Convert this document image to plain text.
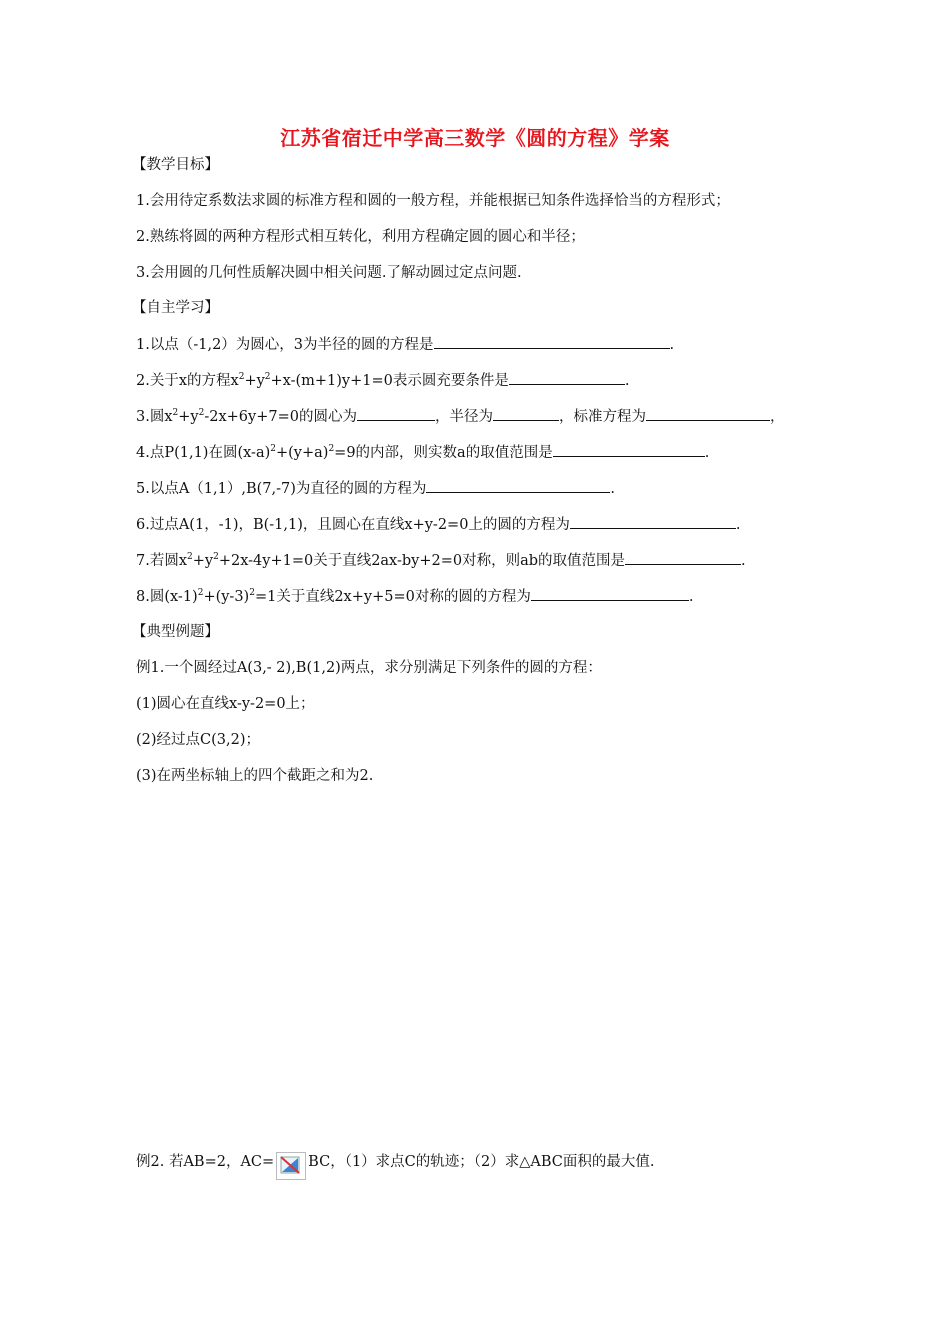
江苏省宿迁中学高三数学《圆的方程》学案
【教学目标】
1.会用待定系数法求圆的标准方程和圆的一般方程，并能根据已知条件选择恰当的方程形式；
2.熟练将圆的两种方程形式相互转化，利用方程确定圆的圆心和半径；
3.会用圆的几何性质解决圆中相关问题.了解动圆过定点问题.
【自主学习】
1.以点（-1,2）为圆心，3为半径的圆的方程是	.
2.关于x的方程$x^2+y^2+x-(m+1)y+1=0$表示圆充要条件是	.
3.圆$x^2+y^2-2x+6y+7=0$的圆心为	，半径为	，标准方程为	，
4.点P(1,1)在圆$(x-a)^2+(y+a)^2=9$的内部，则实数a的取值范围是	.
5.以点A（1,1）,B(7,-7)为直径的圆的方程为	.
6.过点A(1，-1)，B(-1,1)，且圆心在直线x+y-2=0上的圆的方程为	.
7.若圆$x^2+y^2+2x-4y+1=0$关于直线2ax-by+2=0对称，则ab的取值范围是	.
8.圆$(x-1)^2+(y-3)^2=1$关于直线2x+y+5=0对称的圆的方程为	.
【典型例题】
例1.一个圆经过A(3,- 2),B(1,2)两点，求分别满足下列条件的圆的方程：
(1)圆心在直线x-y-2=0上；
(2)经过点C(3,2)；
(3)在两坐标轴上的四个截距之和为2.
例2. 若AB=2，AC= BC，（1）求点C的轨迹；（2）求△ABC面积的最大值.
